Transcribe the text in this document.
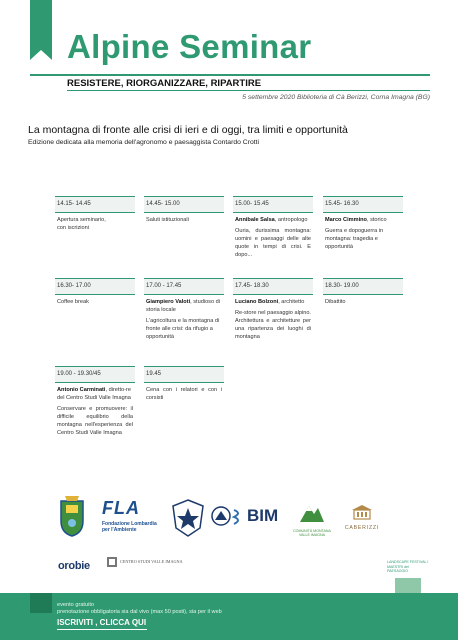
Alpine Seminar
RESISTERE, RIORGANIZZARE, RIPARTIRE
5 settembre 2020 Biblioteria di Cà Berizzi, Corna Imagna (BG)
La montagna di fronte alle crisi di ieri e di oggi, tra limiti e opportunità
Edizione dedicata alla memoria dell'agronomo e paesaggista Contardo Crotti
14.15- 14.45
Apertura seminario, con iscrizioni
14.45- 15.00
Saluti istituzionali
15.00- 15.45
Annibale Salsa, antropologo
Ouria, durissima montagna: uomini e paesaggi delle alte quote in tempi di crisi. E dopo...
15.45- 16.30
Marco Cimmino, storico
Guerra e dopoguerra in montagna: tragedia e opportunità
16.30- 17.00
Coffee break
17.00 - 17.45
Giampiero Valoti, studioso di storia locale
L'agricoltura e la montagna di fronte alle crisi: da rifugio a opportunità
17.45- 18.30
Luciano Bolzoni, architetto
Re-store nel paesaggio alpino. Architettura e architetture per una ripartenza dei luoghi di montagna
18.30- 19.00
Dibattito
19.00 - 19.30/45
Antonio Carminati, diretto-re del Centro Studi Valle Imagna
Conservare e promuovere: il difficile equilibrio della montagna nell'esperienza del Centro Studi Valle Imagna
19.45
Cena con i relatori e con i corsisti
FLA
Fondazione Lombardia per l'Ambiente
BIM
COMUNITÀ MONTANA VALLE IMAGNA
CABERIZZI
orobie	CENTRO STUDI VALLE IMAGNA	LANDSCAPE FESTIVAL I MAESTRI del PAESAGGIO
evento gratuito
prenotazione obbligatoria sia dal vivo (max 50 posti), sia per il web
ISCRIVITI , CLICCA QUI
